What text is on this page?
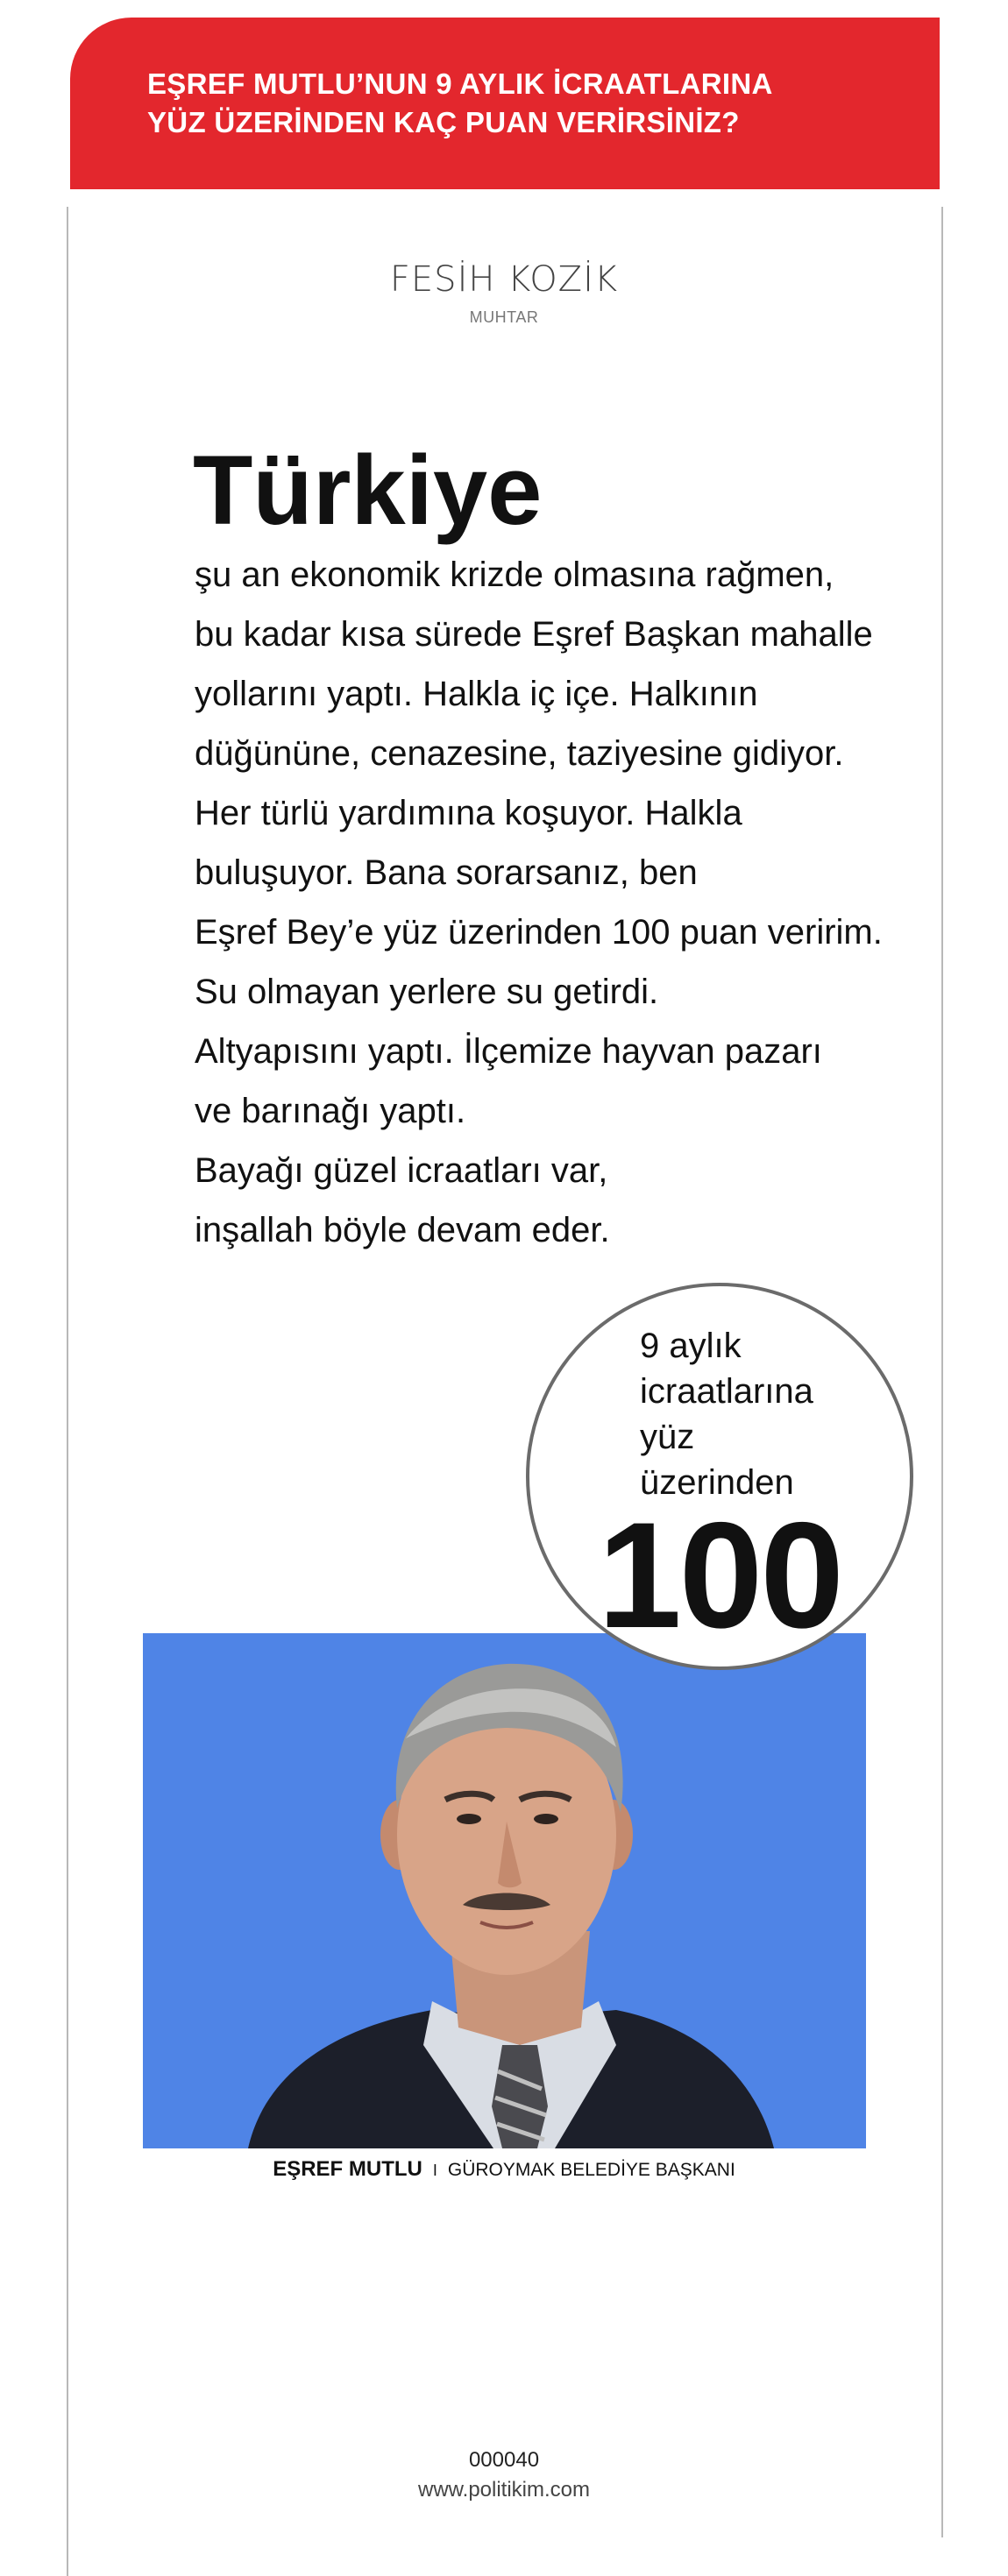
EŞREF MUTLU’NUN 9 AYLIK İCRAATLARINA
YÜZ ÜZERİNDEN KAÇ PUAN VERİRSİNİZ?
FESİH KOZİK
MUHTAR
Türkiye
şu an ekonomik krizde olmasına rağmen,
bu kadar kısa sürede Eşref Başkan mahalle
yollarını yaptı. Halkla iç içe. Halkının
düğününe, cenazesine, taziyesine gidiyor.
Her türlü yardımına koşuyor. Halkla
buluşuyor. Bana sorarsanız, ben
Eşref Bey’e yüz üzerinden 100 puan veririm.
Su olmayan yerlere su getirdi.
Altyapısını yaptı. İlçemize hayvan pazarı
ve barınağı yaptı.
Bayağı güzel icraatları var,
inşallah böyle devam eder.
9 aylık
icraatlarına
yüz
üzerinden
100
EŞREF MUTLU I GÜROYMAK BELEDİYE BAŞKANI
000040
www.politikim.com
